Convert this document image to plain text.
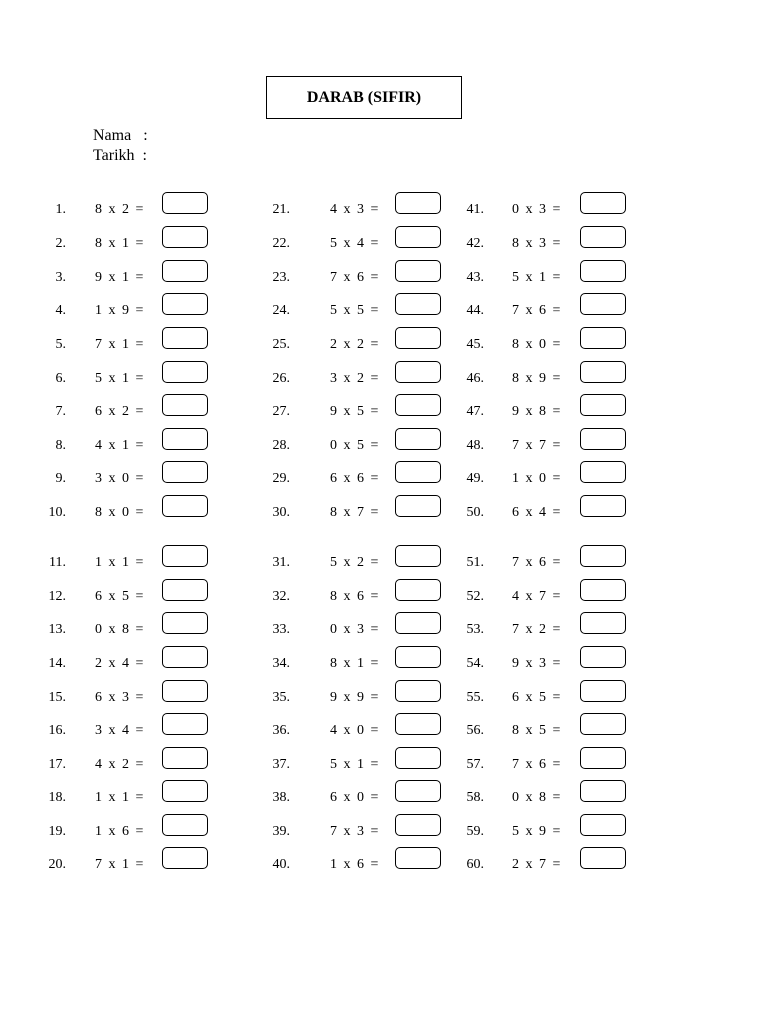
DARAB (SIFIR)
Nama   :
Tarikh  :
1. 8 x 2 =
2. 8 x 1 =
3. 9 x 1 =
4. 1 x 9 =
5. 7 x 1 =
6. 5 x 1 =
7. 6 x 2 =
8. 4 x 1 =
9. 3 x 0 =
10. 8 x 0 =
11. 1 x 1 =
12. 6 x 5 =
13. 0 x 8 =
14. 2 x 4 =
15. 6 x 3 =
16. 3 x 4 =
17. 4 x 2 =
18. 1 x 1 =
19. 1 x 6 =
20. 7 x 1 =
21.	4 x 3 =
22.	5 x 4 =
23.	7 x 6 =
24.	5 x 5 =
25.	2 x 2 =
26.	3 x 2 =
27.	9 x 5 =
28.	0 x 5 =
29.	6 x 6 =
30.	8 x 7 =
31.	5 x 2 =
32.	8 x 6 =
33.	0 x 3 =
34.	8 x 1 =
35.	9 x 9 =
36.	4 x 0 =
37.	5 x 1 =
38.	6 x 0 =
39.	7 x 3 =
40.	1 x 6 =
41. 0 x 3 =
42. 8 x 3 =
43. 5 x 1 =
44. 7 x 6 =
45. 8 x 0 =
46. 8 x 9 =
47. 9 x 8 =
48. 7 x 7 =
49. 1 x 0 =
50. 6 x 4 =
51. 7 x 6 =
52. 4 x 7 =
53. 7 x 2 =
54. 9 x 3 =
55. 6 x 5 =
56. 8 x 5 =
57. 7 x 6 =
58. 0 x 8 =
59. 5 x 9 =
60. 2 x 7 =
